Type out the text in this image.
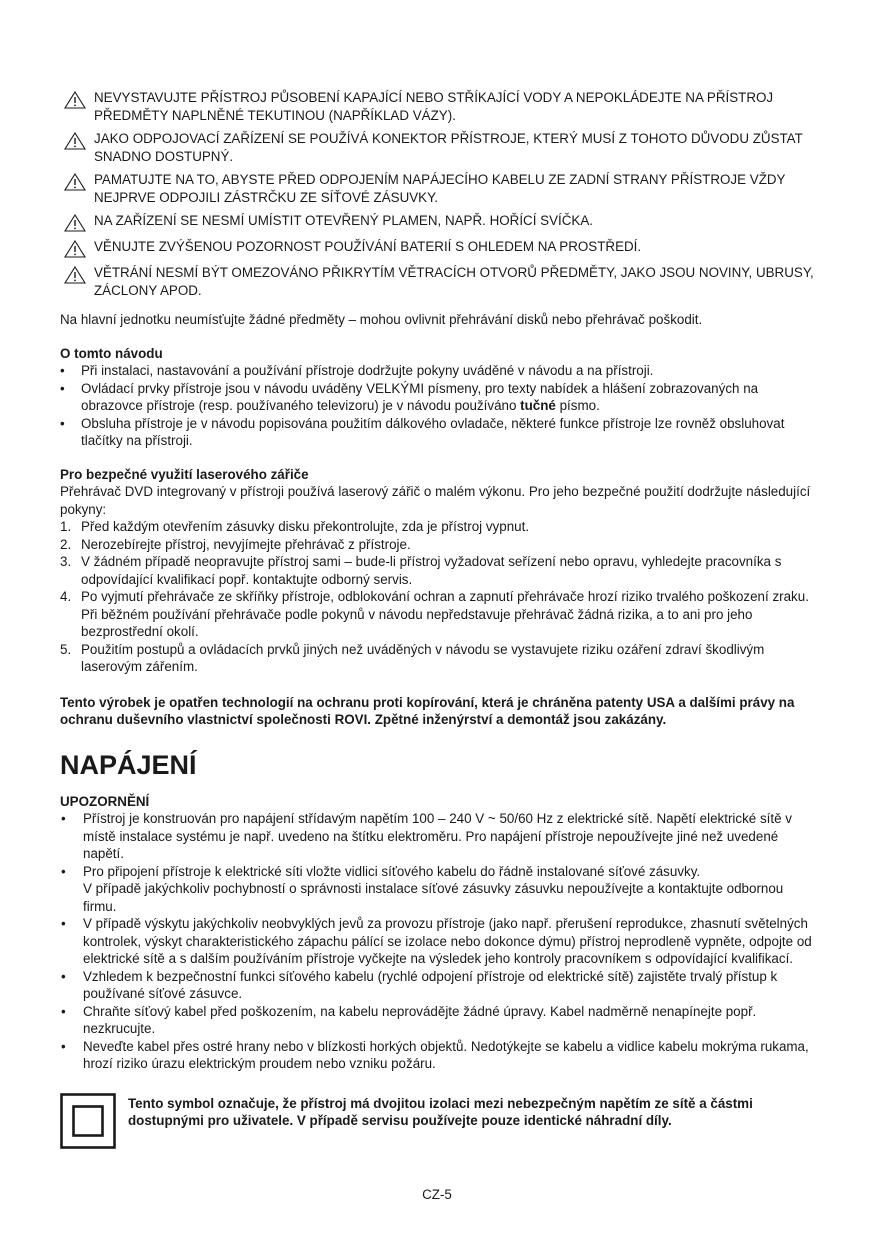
NEVYSTAVUJTE PŘÍSTROJ PŮSOBENÍ KAPAJÍCÍ NEBO STŘÍKAJÍCÍ VODY A NEPOKLÁDEJTE NA PŘÍSTROJ PŘEDMĚTY NAPLNĚNÉ TEKUTINOU (NAPŘÍKLAD VÁZY).
JAKO ODPOJOVACÍ ZAŘÍZENÍ SE POUŽÍVÁ KONEKTOR PŘÍSTROJE, KTERÝ MUSÍ Z TOHOTO DŮVODU ZŮSTAT SNADNO DOSTUPNÝ.
PAMATUJTE NA TO, ABYSTE PŘED ODPOJENÍM NAPÁJECÍHO KABELU ZE ZADNÍ STRANY PŘÍSTROJE VŽDY NEJPRVE ODPOJILI ZÁSTRČKU ZE SÍŤOVÉ ZÁSUVKY.
NA ZAŘÍZENÍ SE NESMÍ UMÍSTIT OTEVŘENÝ PLAMEN, NAPŘ. HOŘÍCÍ SVÍČKA.
VĚNUJTE ZVÝŠENOU POZORNOST POUŽÍVÁNÍ BATERIÍ S OHLEDEM NA PROSTŘEDÍ.
VĚTRÁNÍ NESMÍ BÝT OMEZOVÁNO PŘIKRYTÍM VĚTRACÍCH OTVORŮ PŘEDMĚTY, JAKO JSOU NOVINY, UBRUSY, ZÁCLONY APOD.

Na hlavní jednotku neumísťujte žádné předměty – mohou ovlivnit přehrávání disků nebo přehrávač poškodit.

O tomto návodu

• Při instalaci, nastavování a používání přístroje dodržujte pokyny uváděné v návodu a na přístroji.
• Ovládací prvky přístroje jsou v návodu uváděny VELKÝMI písmeny, pro texty nabídek a hlášení zobrazovaných na obrazovce přístroje (resp. používaného televizoru) je v návodu používáno tučné písmo.
• Obsluha přístroje je v návodu popisována použitím dálkového ovladače, některé funkce přístroje lze rovněž obsluhovat tlačítky na přístroji.

Pro bezpečné využití laserového zářiče

Přehrávač DVD integrovaný v přístroji používá laserový zářič o malém výkonu. Pro jeho bezpečné použití dodržujte následující pokyny:

1. Před každým otevřením zásuvky disku překontrolujte, zda je přístroj vypnut.
2. Nerozebírejte přístroj, nevyjímejte přehrávač z přístroje.
3. V žádném případě neopravujte přístroj sami – bude-li přístroj vyžadovat seřízení nebo opravu, vyhledejte pracovníka s odpovídající kvalifikací popř. kontaktujte odborný servis.
4. Po vyjmutí přehrávače ze skříňky přístroje, odblokování ochran a zapnutí přehrávače hrozí riziko trvalého poškození zraku. Při běžném používání přehrávače podle pokynů v návodu nepředstavuje přehrávač žádná rizika, a to ani pro jeho bezprostřední okolí.
5. Použitím postupů a ovládacích prvků jiných než uváděných v návodu se vystavujete riziku ozáření zdraví škodlivým laserovým zářením.

Tento výrobek je opatřen technologií na ochranu proti kopírování, která je chráněna patenty USA a dalšími právy na ochranu duševního vlastnictví společnosti ROVI. Zpětné inženýrství a demontáž jsou zakázány.

NAPÁJENÍ

UPOZORNĚNÍ

• Přístroj je konstruován pro napájení střídavým napětím 100 – 240 V ~ 50/60 Hz z elektrické sítě. Napětí elektrické sítě v místě instalace systému je např. uvedeno na štítku elektroměru. Pro napájení přístroje nepoužívejte jiné než uvedené napětí.
• Pro připojení přístroje k elektrické síti vložte vidlici síťového kabelu do řádně instalované síťové zásuvky.
V případě jakýchkoliv pochybností o správnosti instalace síťové zásuvky zásuvku nepoužívejte a kontaktujte odbornou firmu.
• V případě výskytu jakýchkoliv neobvyklých jevů za provozu přístroje (jako např. přerušení reprodukce, zhasnutí světelných kontrolek, výskyt charakteristického zápachu pálící se izolace nebo dokonce dýmu) přístroj neprodleně vypněte, odpojte od elektrické sítě a s dalším používáním přístroje vyčkejte na výsledek jeho kontroly pracovníkem s odpovídající kvalifikací.
• Vzhledem k bezpečnostní funkci síťového kabelu (rychlé odpojení přístroje od elektrické sítě) zajistěte trvalý přístup k používané síťové zásuvce.
• Chraňte síťový kabel před poškozením, na kabelu neprovádějte žádné úpravy. Kabel nadměrně nenapínejte popř. nezkrucujte.
• Neveďte kabel přes ostré hrany nebo v blízkosti horkých objektů. Nedotýkejte se kabelu a vidlice kabelu mokrýma rukama, hrozí riziko úrazu elektrickým proudem nebo vzniku požáru.
Tento symbol označuje, že přístroj má dvojitou izolaci mezi nebezpečným napětím ze sítě a částmi dostupnými pro uživatele. V případě servisu používejte pouze identické náhradní díly.
CZ-5
